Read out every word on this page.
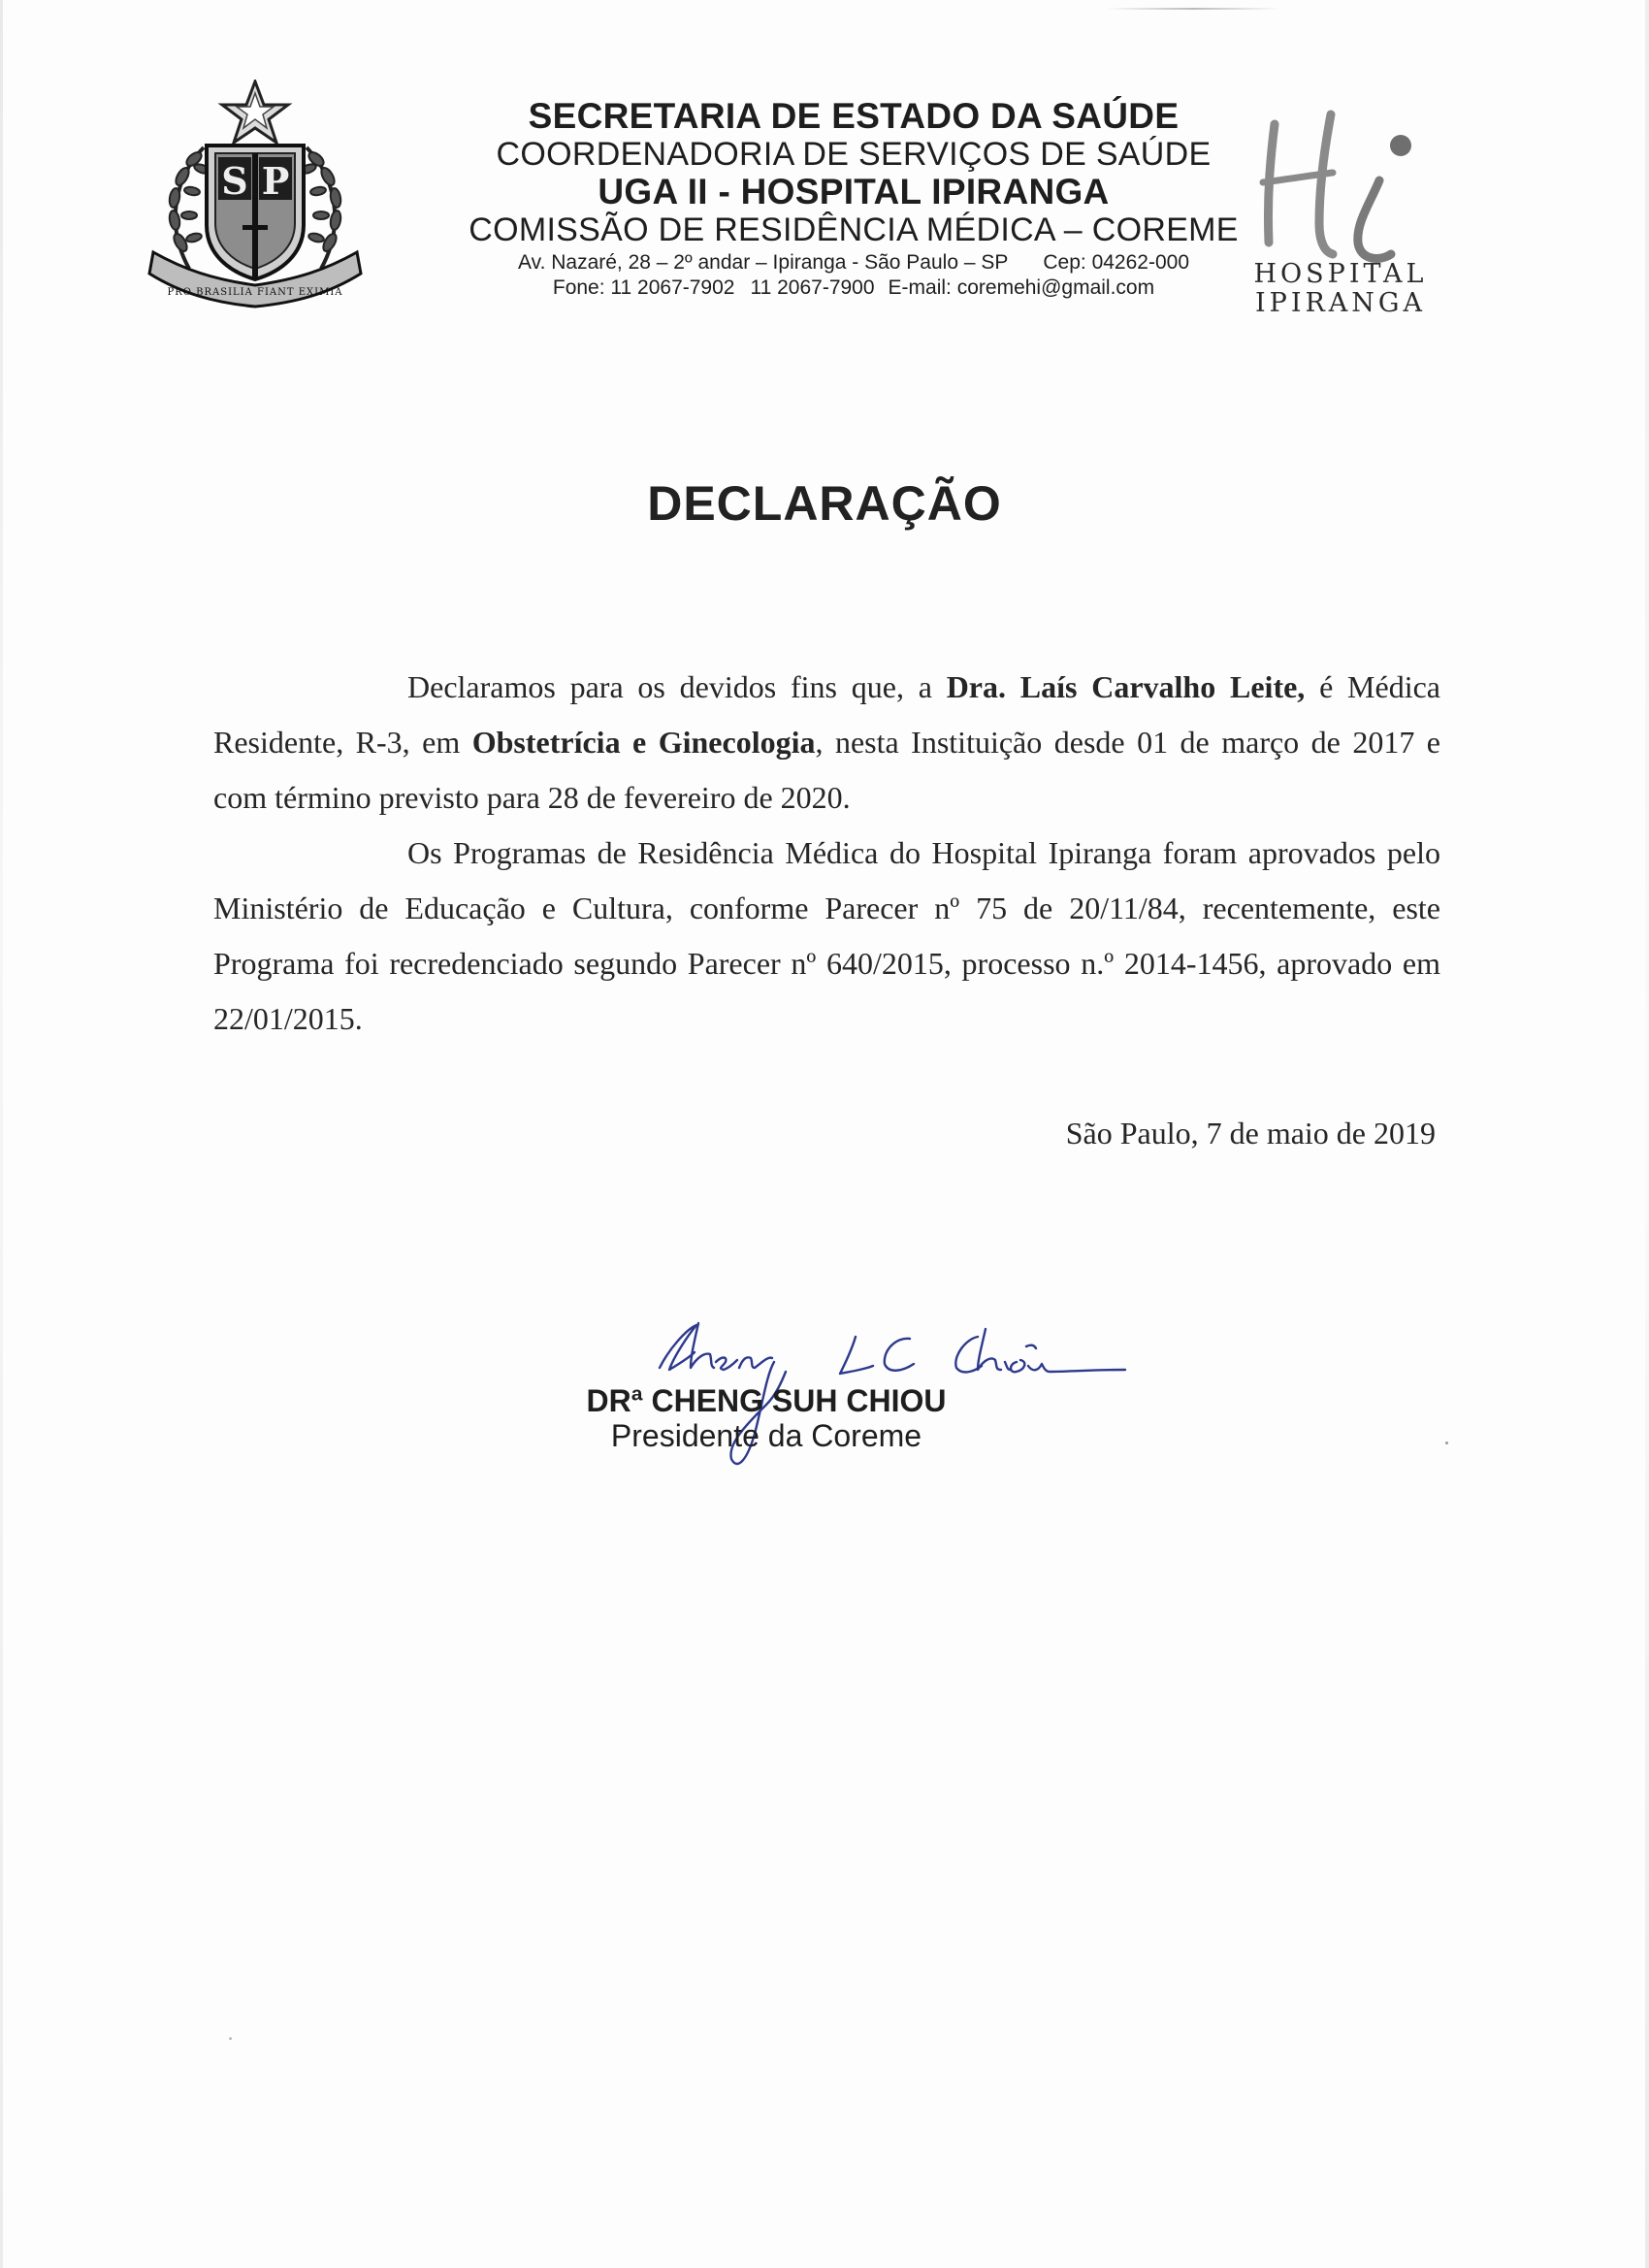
S P
PRO BRASILIA FIANT EXIMIA
SECRETARIA DE ESTADO DA SAÚDE
COORDENADORIA DE SERVIÇOS DE SAÚDE
UGA II - HOSPITAL IPIRANGA
COMISSÃO DE RESIDÊNCIA MÉDICA – COREME
Av. Nazaré, 28 – 2º andar – Ipiranga - São Paulo – SP Cep: 04262-000
Fone: 11 2067-7902 11 2067-7900 E-mail: coremehi@gmail.com	HOSPITAL
IPIRANGA
DECLARAÇÃO

Declaramos para os devidos fins que, a Dra. Laís Carvalho Leite, é Médica Residente, R-3, em Obstetrícia e Ginecologia, nesta Instituição desde 01 de março de 2017 e com término previsto para 28 de fevereiro de 2020.

Os Programas de Residência Médica do Hospital Ipiranga foram aprovados pelo Ministério de Educação e Cultura, conforme Parecer nº 75 de 20/11/84, recentemente, este Programa foi recredenciado segundo Parecer nº 640/2015, processo n.º 2014-1456, aprovado em 22/01/2015.

São Paulo, 7 de maio de 2019
DRª CHENG SUH CHIOU
Presidente da Coreme
